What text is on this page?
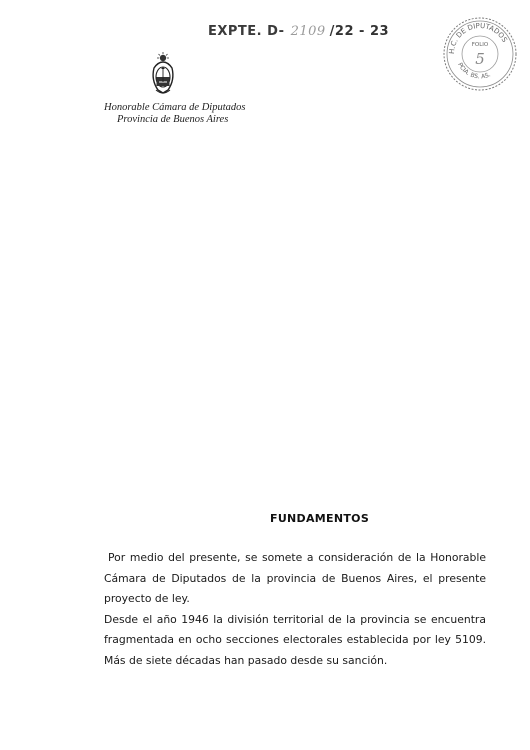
EXPTE. D- 2109 /22 - 23
H.C. DE DIPUTADOS
FOLIO
5
PCIA. BS. AS.
Honorable Cámara de Diputados
Provincia de Buenos Aires
FUNDAMENTOS
Por medio del presente, se somete a consideración de la Honorable Cámara de Diputados de la provincia de Buenos Aires, el presente proyecto de ley.
Desde el año 1946 la división territorial de la provincia se encuentra fragmentada en ocho secciones electorales establecida por ley 5109. Más de siete décadas han pasado desde su sanción.
